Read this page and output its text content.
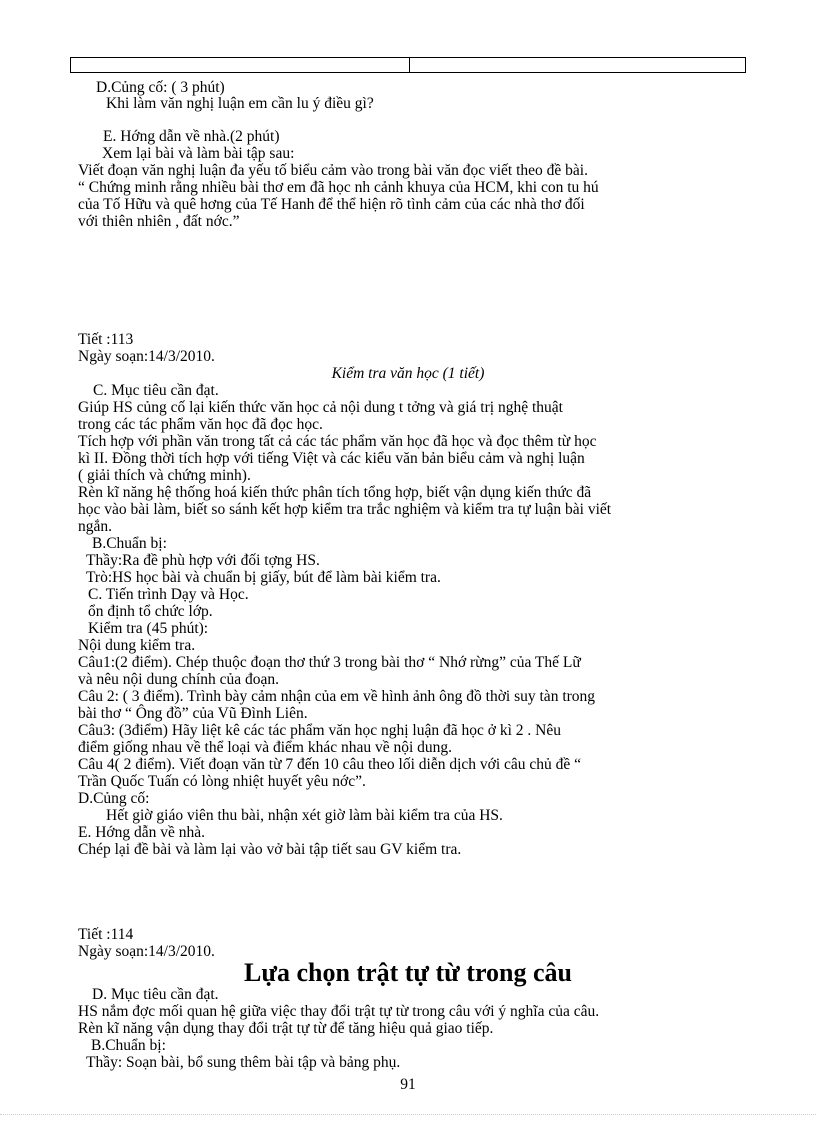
D.Củng cố: ( 3 phút)
Khi làm văn nghị luận em cần lu ý điều gì?
E. Hớng dẫn về nhà.(2 phút)
Xem lại bài và làm bài tập sau:
Viết đoạn văn nghị luận đa yếu tố biểu cảm vào trong bài văn đọc viết theo đề bài.
“ Chứng minh rằng nhiều bài thơ em đã học nh cảnh khuya của HCM, khi con tu hú
của Tố Hữu và quê hơng của Tế Hanh để thể hiện rõ tình cảm của các nhà thơ đối
với thiên nhiên , đất nớc.”
Tiết :113
Ngày soạn:14/3/2010.
Kiểm tra văn học (1 tiết)
C. Mục tiêu cần đạt.
Giúp HS củng cố lại kiến thức văn học cả nội dung t tởng và giá trị nghệ thuật
trong các tác phẩm văn học đã đọc học.
Tích hợp với phần văn trong tất cả các tác phẩm văn học đã học và đọc thêm từ học
kì II. Đồng thời tích hợp với tiếng Việt và các kiểu văn bản biểu cảm và nghị luận
( giải thích và chứng minh).
Rèn kĩ năng hệ thống hoá kiến thức phân tích tổng hợp, biết vận dụng kiến thức đã
học vào bài làm, biết so sánh kết hợp kiểm tra trắc nghiệm và kiểm tra tự luận bài viết
ngắn.
B.Chuẩn bị:
Thầy:Ra đề phù hợp với đối tợng HS.
Trò:HS học bài và chuẩn bị giấy, bút để làm bài kiểm tra.
C. Tiến trình Dạy và Học.
ổn định tổ chức lớp.
Kiểm tra (45 phút):
Nội dung kiểm tra.
Câu1:(2 điểm). Chép thuộc đoạn thơ thứ 3 trong bài thơ “ Nhớ rừng” của Thế Lữ
và nêu nội dung chính của đoạn.
Câu 2: ( 3 điểm). Trình bày cảm nhận của em về hình ảnh ông đồ thời suy tàn trong
bài thơ “ Ông đồ” của Vũ Đình Liên.
Câu3: (3điểm) Hãy liệt kê các tác phẩm văn học nghị luận đã học ở kì 2 . Nêu
điểm giống nhau về thể loại và điểm khác nhau về nội dung.
Câu 4( 2 điểm). Viết đoạn văn từ 7 đến 10 câu theo lối diễn dịch với câu chủ đề “
Trần Quốc Tuấn có lòng nhiệt huyết yêu nớc”.
D.Củng cố:
Hết giờ giáo viên thu bài, nhận xét giờ làm bài kiểm tra của HS.
E. Hớng dẫn về nhà.
Chép lại đề bài và làm lại vào vở bài tập tiết sau GV kiểm tra.
Tiết :114
Ngày soạn:14/3/2010.
Lựa chọn trật tự từ trong câu
D. Mục tiêu cần đạt.
HS nắm đợc mối quan hệ giữa việc thay đổi trật tự từ trong câu với ý nghĩa của câu.
Rèn kĩ năng vận dụng thay đổi trật tự từ để tăng hiệu quả giao tiếp.
B.Chuẩn bị:
Thầy: Soạn bài, bổ sung thêm bài tập và bảng phụ.
91
